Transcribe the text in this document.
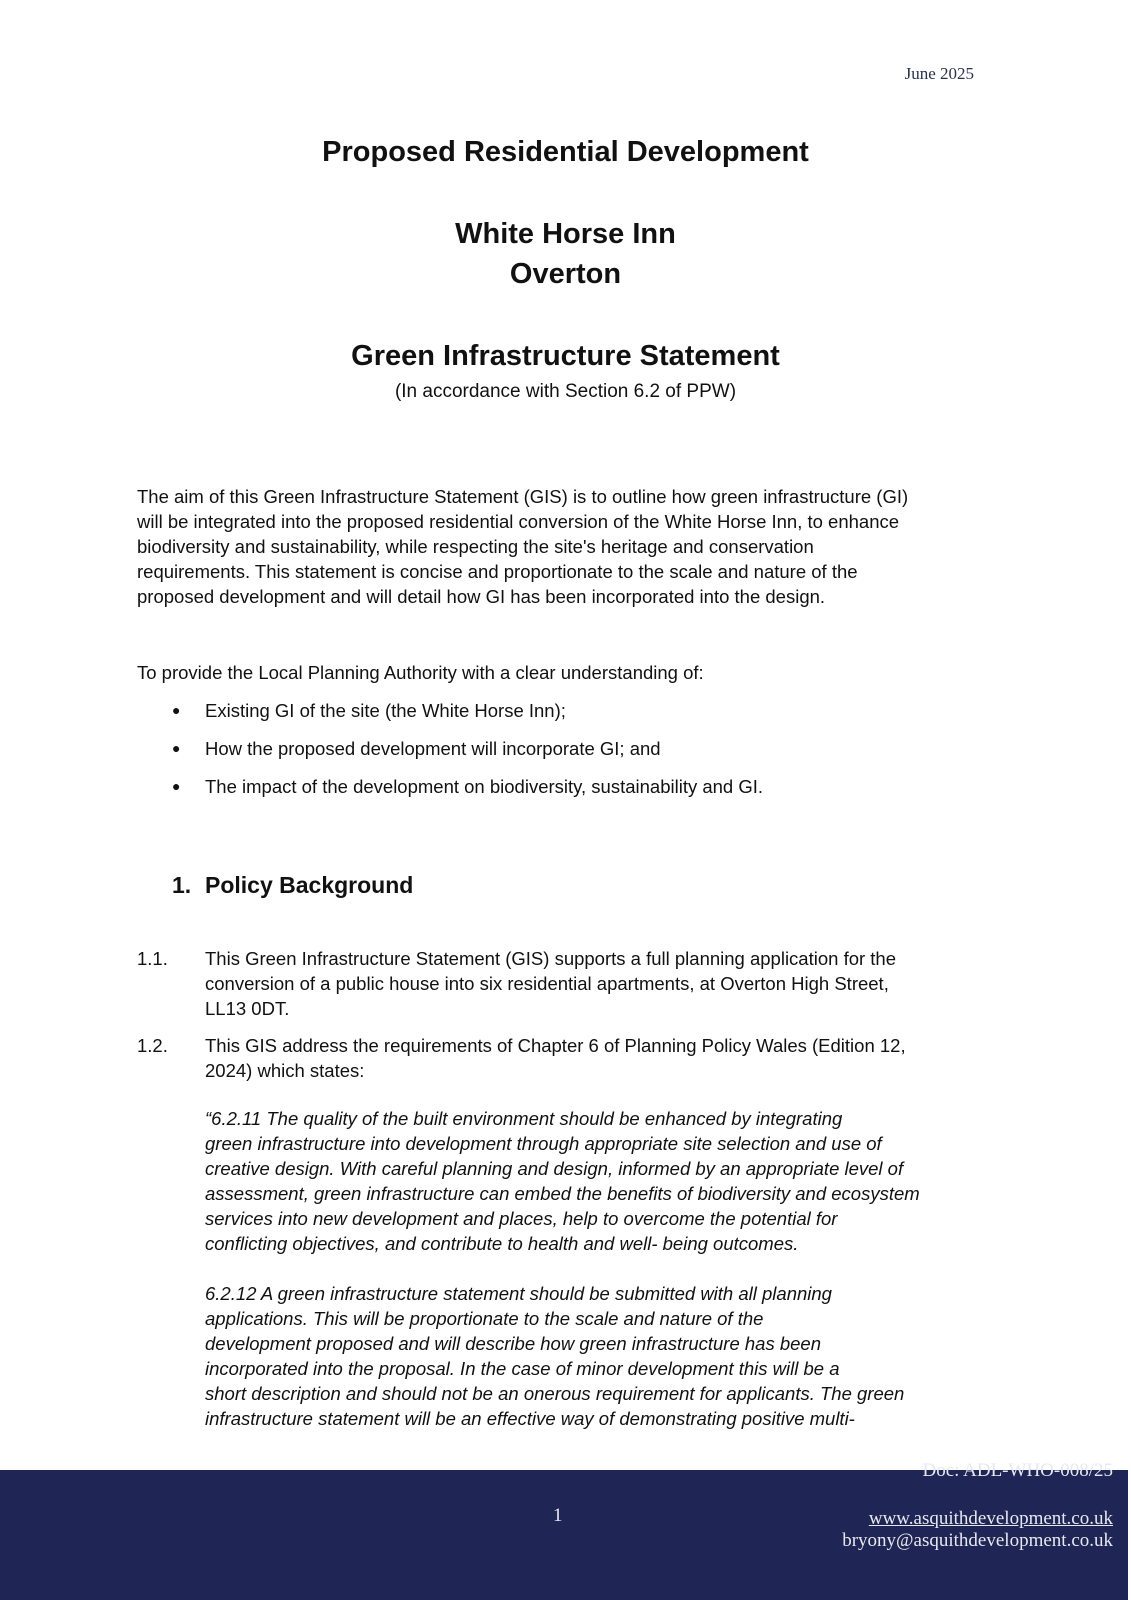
June 2025
Proposed Residential Development
White Horse Inn
Overton
Green Infrastructure Statement
(In accordance with Section 6.2 of PPW)
The aim of this Green Infrastructure Statement (GIS) is to outline how green infrastructure (GI)
will be integrated into the proposed residential conversion of the White Horse Inn, to enhance
biodiversity and sustainability, while respecting the site's heritage and conservation
requirements. This statement is concise and proportionate to the scale and nature of the
proposed development and will detail how GI has been incorporated into the design.
To provide the Local Planning Authority with a clear understanding of:
● Existing GI of the site (the White Horse Inn);
● How the proposed development will incorporate GI; and
● The impact of the development on biodiversity, sustainability and GI.
1. Policy Background
1.1. This Green Infrastructure Statement (GIS) supports a full planning application for the
conversion of a public house into six residential apartments, at Overton High Street,
LL13 0DT.
1.2. This GIS address the requirements of Chapter 6 of Planning Policy Wales (Edition 12,
2024) which states:
“6.2.11 The quality of the built environment should be enhanced by integrating
green infrastructure into development through appropriate site selection and use of
creative design. With careful planning and design, informed by an appropriate level of
assessment, green infrastructure can embed the benefits of biodiversity and ecosystem
services into new development and places, help to overcome the potential for
conflicting objectives, and contribute to health and well- being outcomes.
6.2.12 A green infrastructure statement should be submitted with all planning
applications. This will be proportionate to the scale and nature of the
development proposed and will describe how green infrastructure has been
incorporated into the proposal. In the case of minor development this will be a
short description and should not be an onerous requirement for applicants. The green
infrastructure statement will be an effective way of demonstrating positive multi-
1
Doc: ADL-WHO-008/25
www.asquithdevelopment.co.uk
bryony@asquithdevelopment.co.uk
